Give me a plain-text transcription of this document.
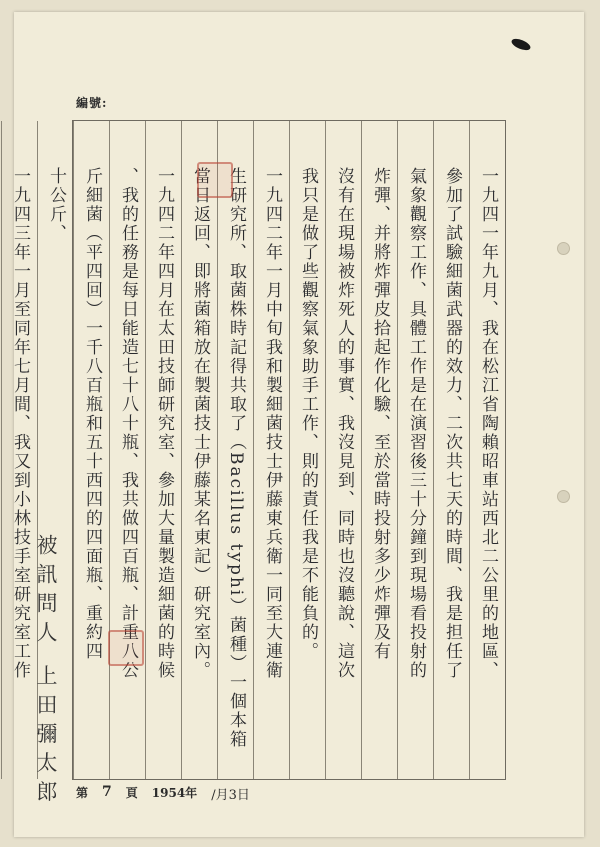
編號:
一九四一年九月、我在松江省陶賴昭車站西北二公里的地區、
參加了試驗細菌武器的效力、二次共七天的時間、我是担任了
氣象觀察工作、具體工作是在演習後三十分鐘到現場看投射的
炸彈、并將炸彈皮拾起作化驗、至於當時投射多少炸彈及有
沒有在現場被炸死人的事實、我沒見到、同時也沒聽說、這次
我只是做了些觀察氣象助手工作、則的責任我是不能負的。
一九四二年一月中旬我和製細菌技士伊藤東兵衛一同至大連衛
生研究所、取菌株時記得共取了（Bacillus typhi）菌種）一個本箱
當日返回、即將菌箱放在製菌技士伊藤某名東記）研究室內。
一九四二年四月在太田技師研究室、參加大量製造細菌的時候
、我的任務是每日能造七十八十瓶、我共做四百瓶、計重八公
斤細菌（平四回）一千八百瓶和五十西四的四面瓶、重約四
十公斤、
一九四三年一月至同年七月間、我又到小林技手室研究室工作 被訊問人 上田彌太郎 第 7 頁 1954年 /月3日
